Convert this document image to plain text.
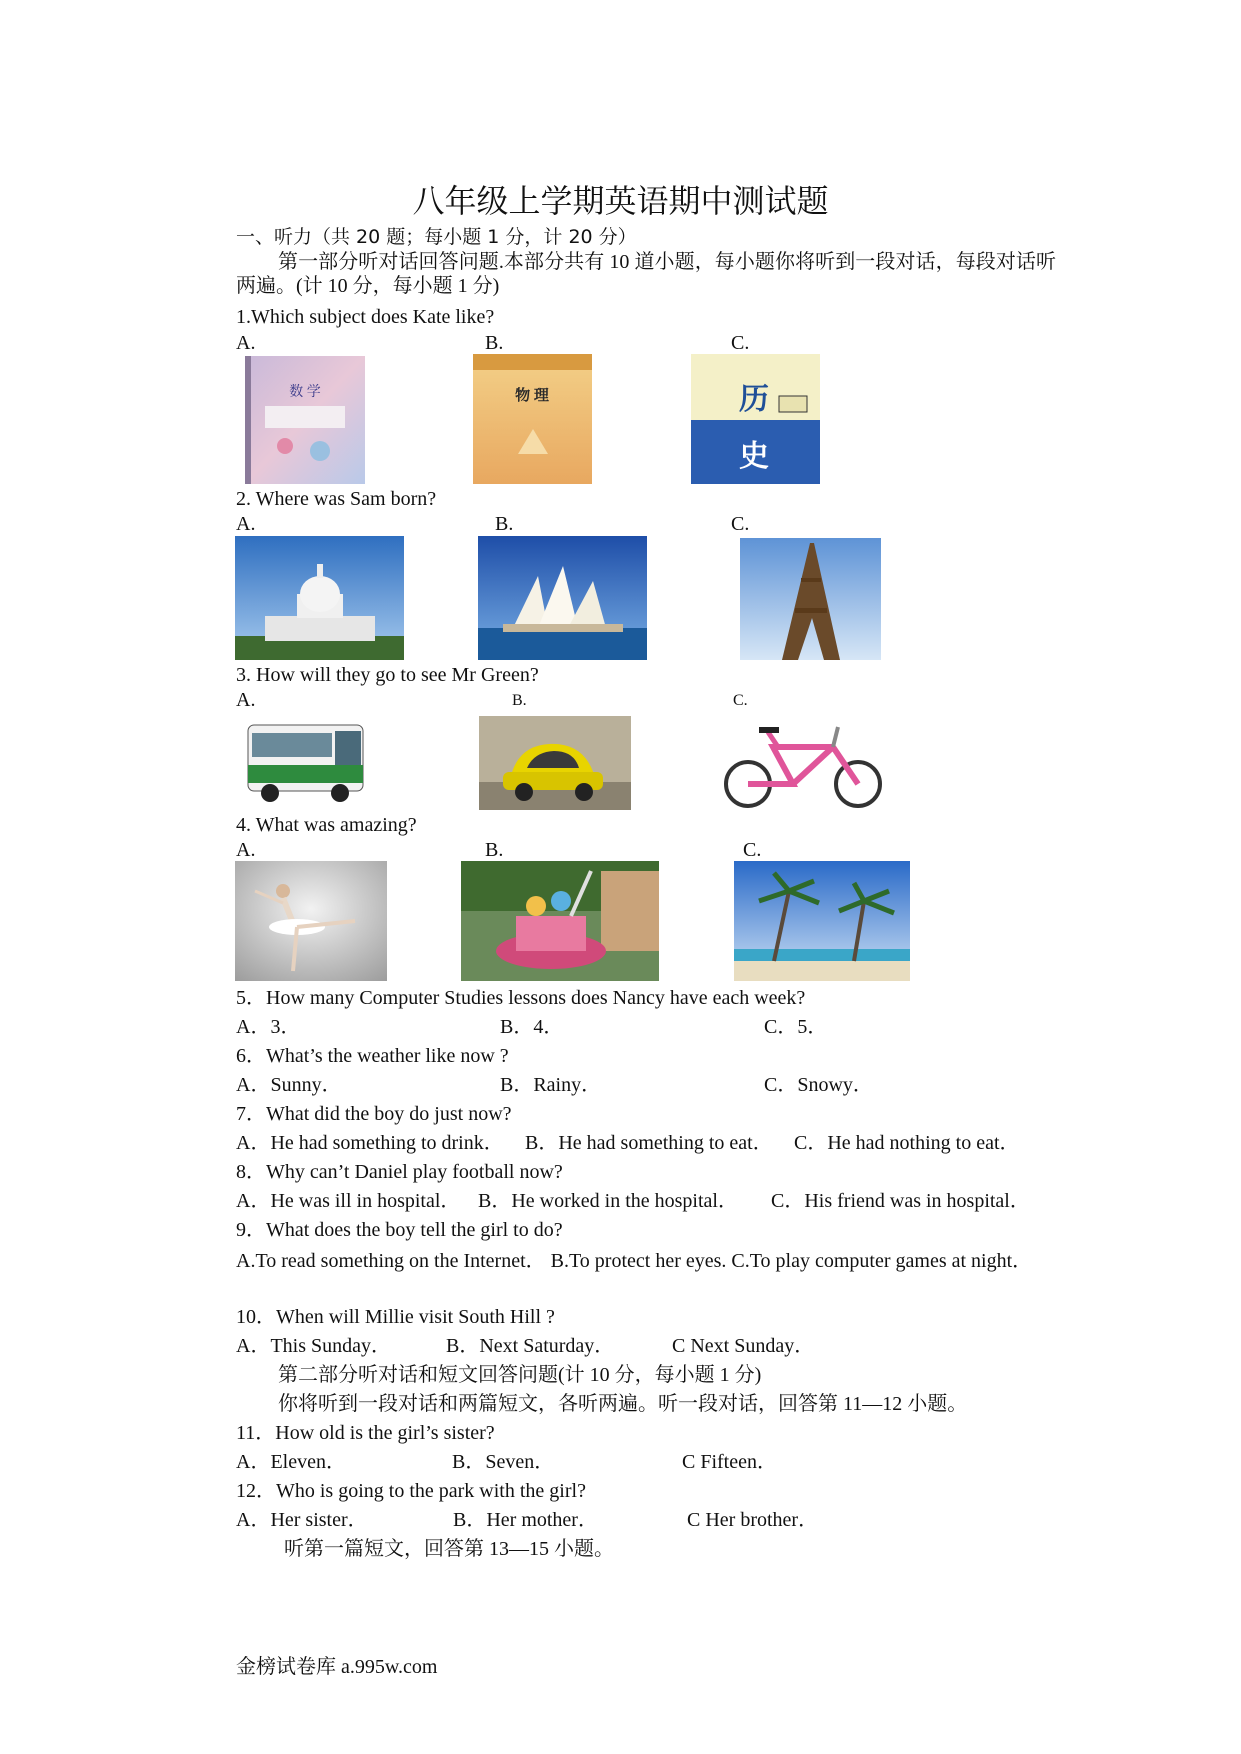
八年级上学期英语期中测试题
一、听力（共 20 题；每小题 1 分，计 20 分）
第一部分听对话回答问题.本部分共有 10 道小题，每小题你将听到一段对话，每段对话听两遍。(计 10 分，每小题 1 分)
1.Which subject does Kate like?
A.	B.	C.
数 学	物 理	历
史
2. Where was Sam born?
A.	B.	C.
3. How will they go to see Mr Green?
A.	B.	C.
4. What was amazing?
A.	B.	C.
5．How many Computer Studies lessons does Nancy have each week?
A．3．	B．4．	C．5．
6．What’s the weather like now ?
A．Sunny．	B．Rainy．	C．Snowy．
7．What did the boy do just now?
A．He had something to drink． B．He had something to eat． C．He had nothing to eat．
8．Why can’t Daniel play football now?
A．He was ill in hospital． B．He worked in the hospital． C．His friend was in hospital．
9．What does the boy tell the girl to do?
A.To read something on the Internet． B.To protect her eyes. C.To play computer games at night．
10．When will Millie visit South Hill ?
A．This Sunday．	B．Next Saturday．	C Next Sunday．
第二部分听对话和短文回答问题(计 10 分，每小题 1 分)
你将听到一段对话和两篇短文，各听两遍。听一段对话，回答第 11—12 小题。
11．How old is the girl’s sister?
A．Eleven．	B．Seven．	C Fifteen．
12．Who is going to the park with the girl?
A．Her sister．	B．Her mother．	C Her brother．
听第一篇短文，回答第 13—15 小题。
金榜试卷库 a.995w.com
